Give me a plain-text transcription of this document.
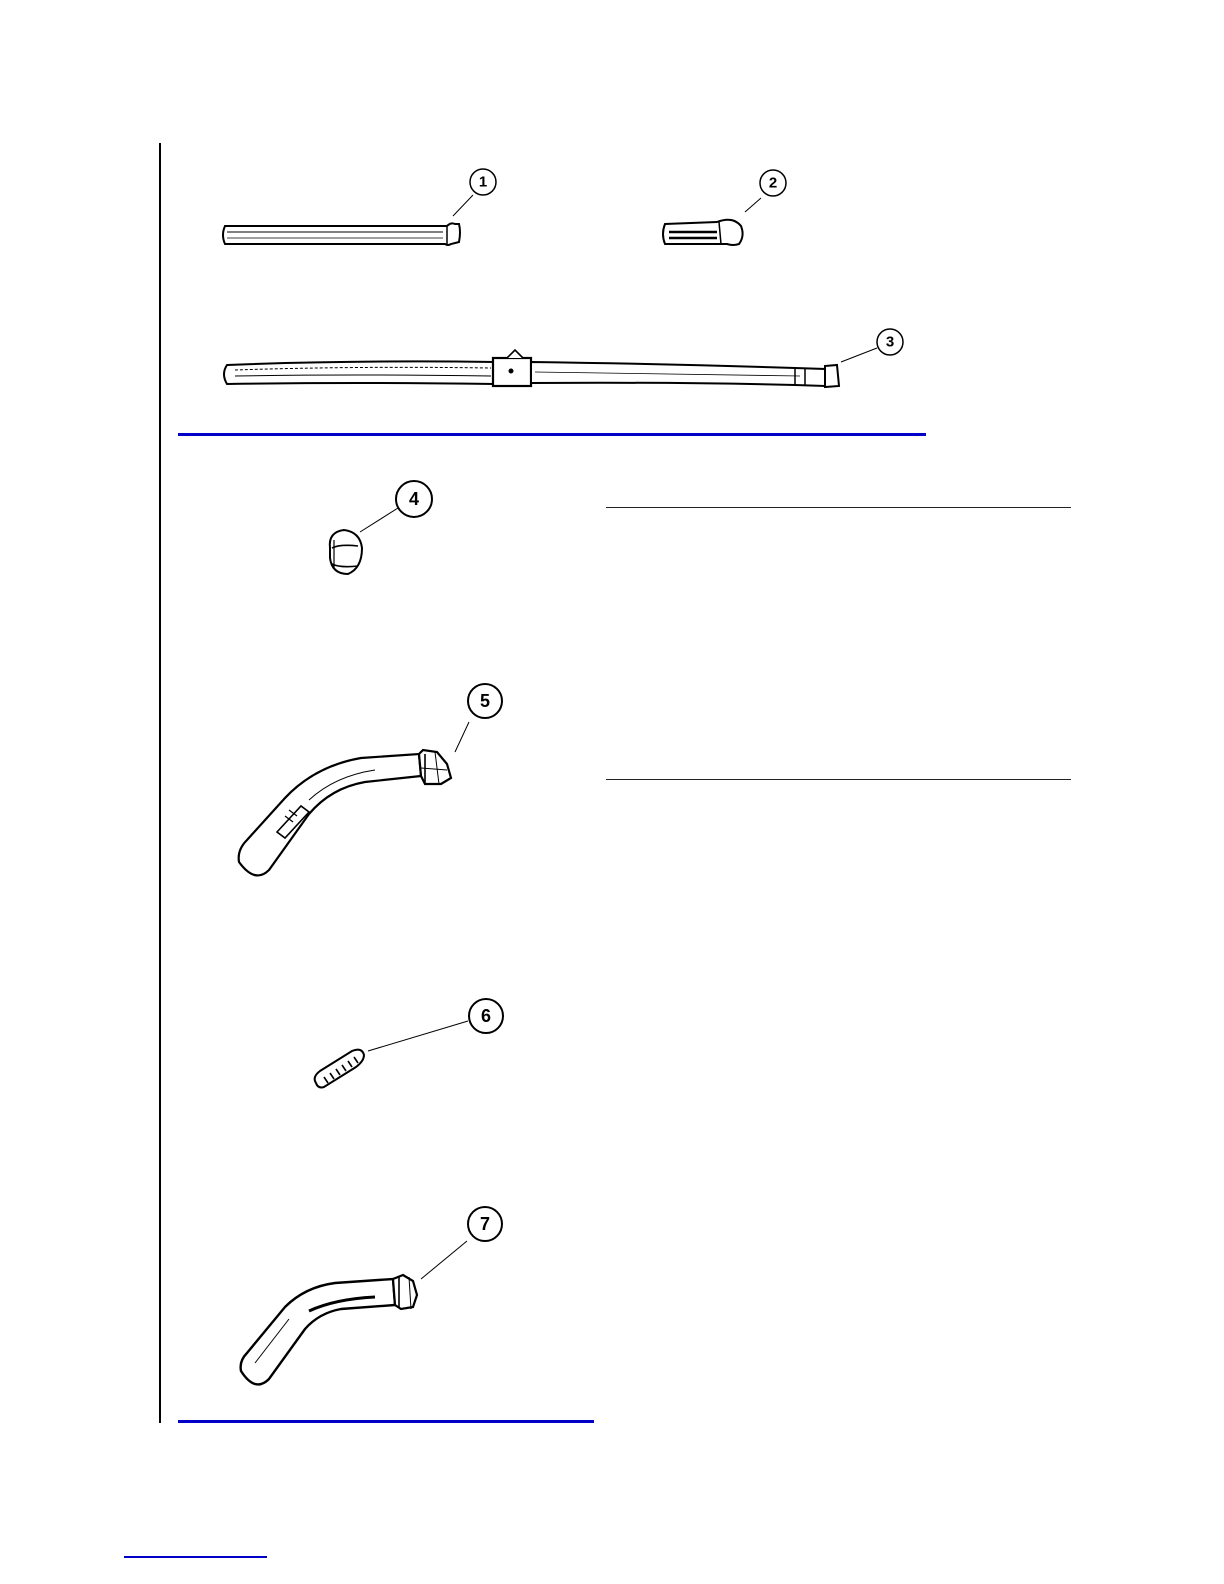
1	2
3
4
5
6
7
